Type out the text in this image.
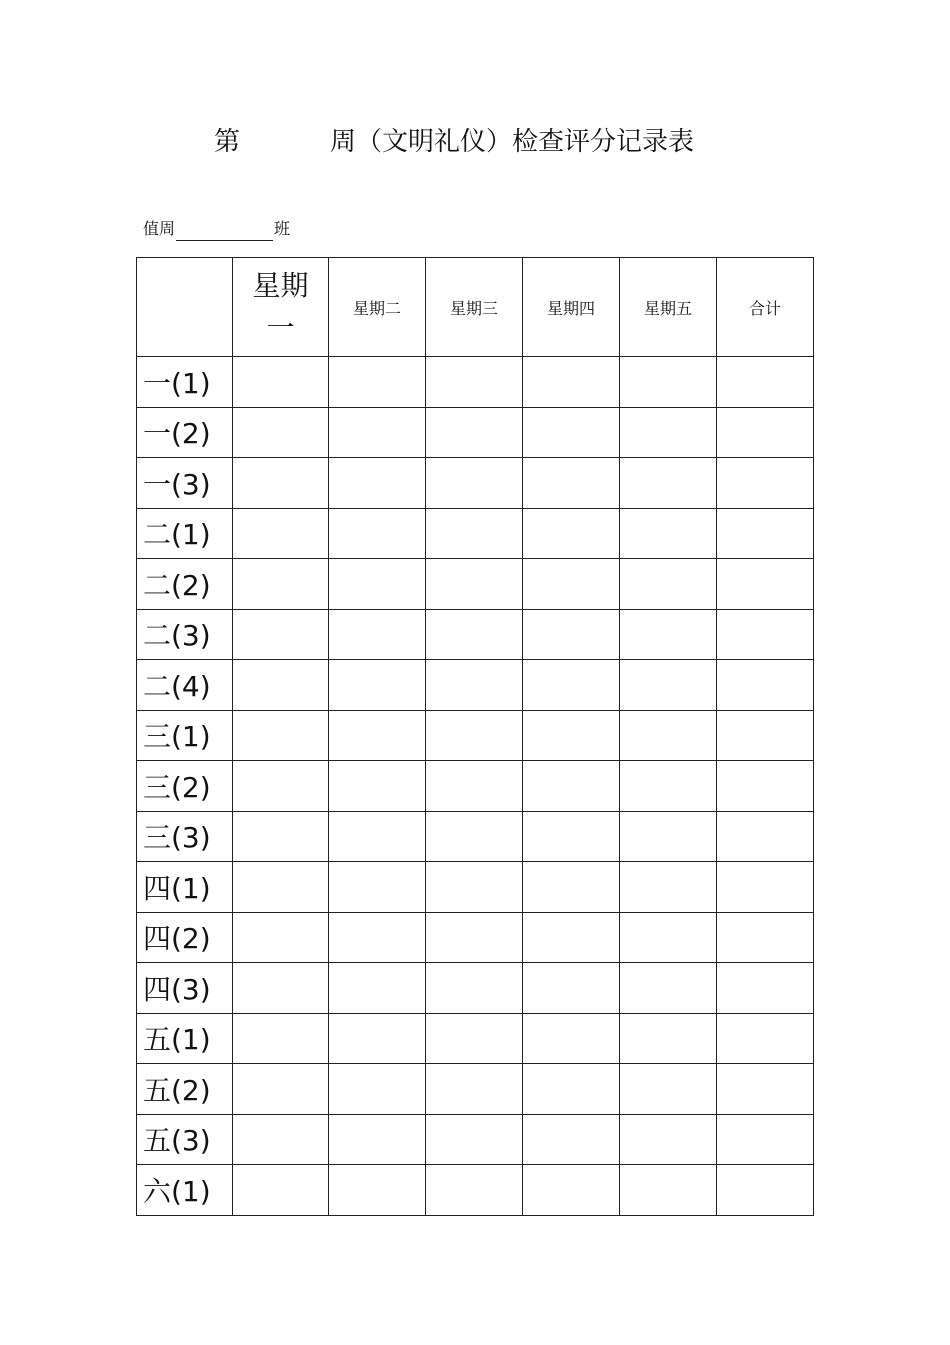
第	周（文明礼仪）检查评分记录表
值周	班
	星期一	星期二	星期三	星期四	星期五	合计
一(1)						
一(2)						
一(3)						
二(1)						
二(2)						
二(3)						
二(4)						
三(1)						
三(2)						
三(3)						
四(1)						
四(2)						
四(3)						
五(1)						
五(2)						
五(3)						
六(1)						
